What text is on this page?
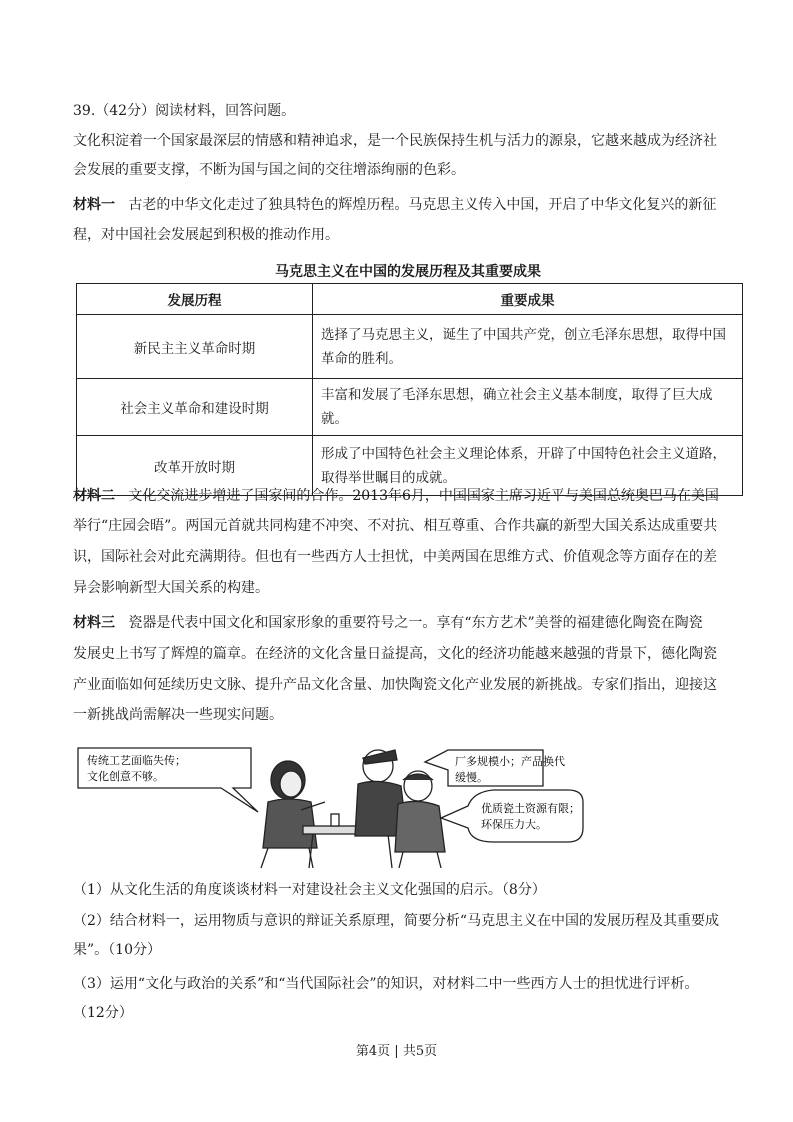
39.（42分）阅读材料，回答问题。
文化积淀着一个国家最深层的情感和精神追求，是一个民族保持生机与活力的源泉，它越来越成为经济社
会发展的重要支撑，不断为国与国之间的交往增添绚丽的色彩。
材料一 古老的中华文化走过了独具特色的辉煌历程。马克思主义传入中国，开启了中华文化复兴的新征
程，对中国社会发展起到积极的推动作用。
马克思主义在中国的发展历程及其重要成果
发展历程	重要成果
新民主主义革命时期	选择了马克思主义，诞生了中国共产党，创立毛泽东思想，取得中国
革命的胜利。

社会主义革命和建设时期	丰富和发展了毛泽东思想，确立社会主义基本制度，取得了巨大成就。
改革开放时期	形成了中国特色社会主义理论体系，开辟了中国特色社会主义道路，
取得举世瞩目的成就。
材料二 文化交流进步增进了国家间的合作。2013年6月，中国国家主席习近平与美国总统奥巴马在美国
举行“庄园会晤”。两国元首就共同构建不冲突、不对抗、相互尊重、合作共赢的新型大国关系达成重要共
识，国际社会对此充满期待。但也有一些西方人士担忧，中美两国在思维方式、价值观念等方面存在的差
异会影响新型大国关系的构建。
材料三 瓷器是代表中国文化和国家形象的重要符号之一。享有“东方艺术”美誉的福建德化陶瓷在陶瓷
发展史上书写了辉煌的篇章。在经济的文化含量日益提高，文化的经济功能越来越强的背景下，德化陶瓷
产业面临如何延续历史文脉、提升产品文化含量、加快陶瓷文化产业发展的新挑战。专家们指出，迎接这
一新挑战尚需解决一些现实问题。
传统工艺面临失传；
文化创意不够。
厂多规模小；产品换代
缓慢。
优质瓷土资源有限；
环保压力大。
（1）从文化生活的角度谈谈材料一对建设社会主义文化强国的启示。（8分）
（2）结合材料一，运用物质与意识的辩证关系原理，简要分析“马克思主义在中国的发展历程及其重要成
果”。（10分）
（3）运用“文化与政治的关系”和“当代国际社会”的知识，对材料二中一些西方人士的担忧进行评析。
（12分）
第4页 | 共5页
